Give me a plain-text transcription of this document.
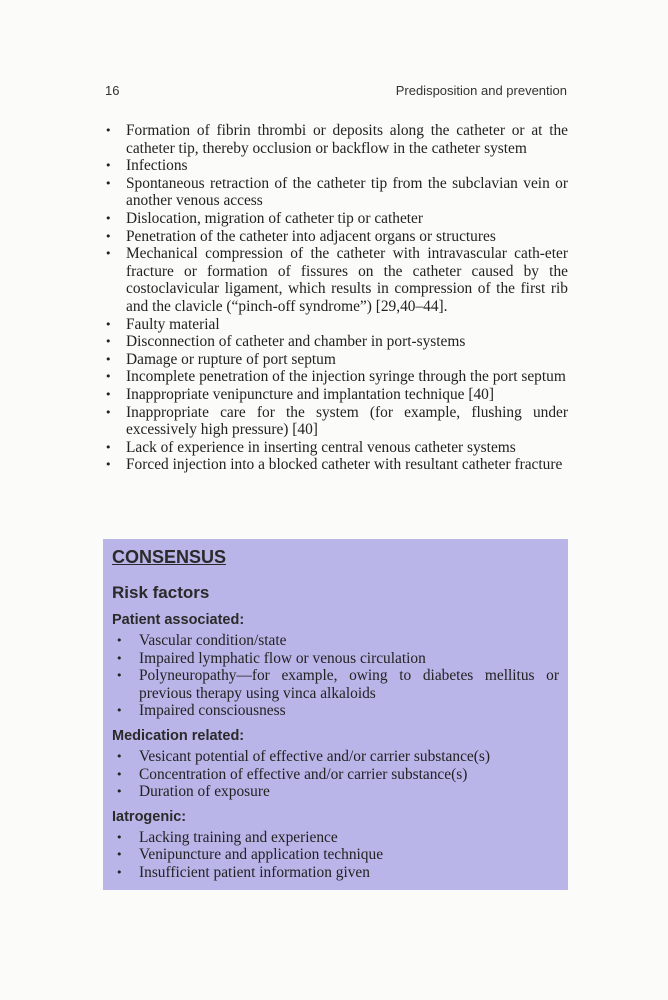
16	Predisposition and prevention
• Formation of fibrin thrombi or deposits along the catheter or at the catheter tip, thereby occlusion or backflow in the catheter system
• Infections
• Spontaneous retraction of the catheter tip from the subclavian vein or another venous access
• Dislocation, migration of catheter tip or catheter
• Penetration of the catheter into adjacent organs or structures
• Mechanical compression of the catheter with intravascular cath-eter fracture or formation of fissures on the catheter caused by the costoclavicular ligament, which results in compression of the first rib and the clavicle (“pinch-off syndrome”) [29,40–44].
• Faulty material
• Disconnection of catheter and chamber in port-systems
• Damage or rupture of port septum
• Incomplete penetration of the injection syringe through the port septum
• Inappropriate venipuncture and implantation technique [40]
• Inappropriate care for the system (for example, flushing under excessively high pressure) [40]
• Lack of experience in inserting central venous catheter systems
• Forced injection into a blocked catheter with resultant catheter fracture
CONSENSUS
Risk factors
Patient associated:
• Vascular condition/state
• Impaired lymphatic flow or venous circulation
• Polyneuropathy—for example, owing to diabetes mellitus or previous therapy using vinca alkaloids
• Impaired consciousness
Medication related:
• Vesicant potential of effective and/or carrier substance(s)
• Concentration of effective and/or carrier substance(s)
• Duration of exposure
Iatrogenic:
• Lacking training and experience
• Venipuncture and application technique
• Insufficient patient information given
